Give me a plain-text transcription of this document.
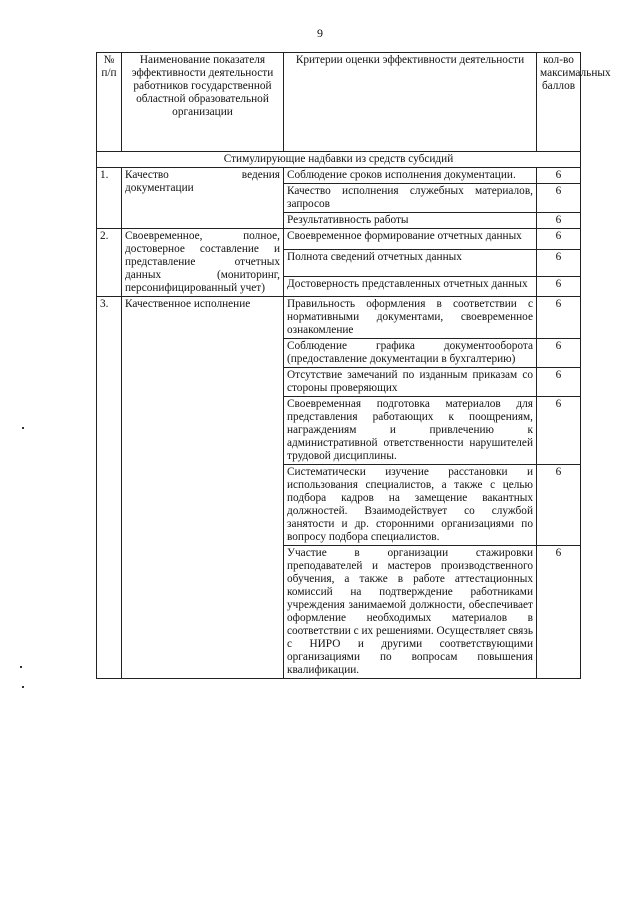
9
№ п/п	Наименование показателя эффективности деятельности работников государственной областной образовательной организации	Критерии оценки эффективности деятельности	кол-во максимальных баллов
Стимулирующие надбавки из средств субсидий			
1.	Качество ведения документации	Соблюдение сроков исполнения документации.	6
		Качество исполнения служебных материалов, запросов	6
		Результативность работы	6
2.	Своевременное, полное, достоверное составление и представление отчетных данных (мониторинг, персонифицированный учет)	Своевременное формирование отчетных данных	6
		Полнота сведений отчетных данных	6
		Достоверность представленных отчетных данных	6
3.	Качественное исполнение	Правильность оформления в соответствии с нормативными документами, своевременное ознакомление	6
		Соблюдение графика документооборота (предоставление документации в бухгалтерию)	6
		Отсутствие замечаний по изданным приказам со стороны проверяющих	6
		Своевременная подготовка материалов для представления работающих к поощрениям, награждениям и привлечению к административной ответственности нарушителей трудовой дисциплины.	6
		Систематически изучение расстановки и использования специалистов, а также с целью подбора кадров на замещение вакантных должностей. Взаимодействует со службой занятости и др. сторонними организациями по вопросу подбора специалистов.	6
		Участие в организации стажировки преподавателей и мастеров производственного обучения, а также в работе аттестационных комиссий на подтверждение работниками учреждения занимаемой должности, обеспечивает оформление необходимых материалов в соответствии с их решениями. Осуществляет связь с НИРО и другими соответствующими организациями по вопросам повышения квалификации.	6
